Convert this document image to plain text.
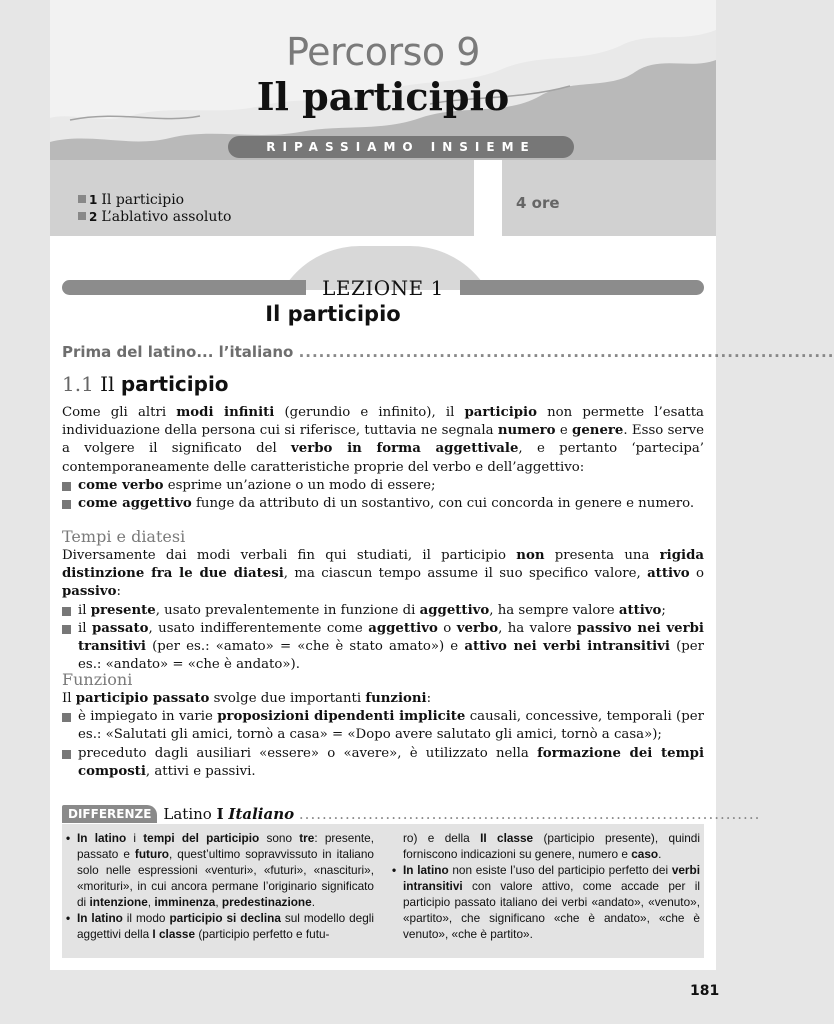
Percorso 9
Il participio
RIPASSIAMO INSIEME
1 Il participio
2 L’ablativo assoluto
4 ore
LEZIONE 1
Il participio
Prima del latino... l’italiano ................................................................................
1.1 Il participio

Come gli altri modi infiniti (gerundio e infinito), il participio non permette l’esatta individuazione della persona cui si riferisce, tuttavia ne segnala numero e genere. Esso serve a volgere il significato del verbo in forma aggettivale, e pertanto ‘partecipa’ contemporaneamente delle caratteristiche proprie del verbo e dell’aggettivo:

come verbo esprime un’azione o un modo di essere;
come aggettivo funge da attributo di un sostantivo, con cui concorda in genere e numero.
Tempi e diatesi

Diversamente dai modi verbali fin qui studiati, il participio non presenta una rigida distinzione fra le due diatesi, ma ciascun tempo assume il suo specifico valore, attivo o passivo:

il presente, usato prevalentemente in funzione di aggettivo, ha sempre valore attivo;
il passato, usato indifferentemente come aggettivo o verbo, ha valore passivo nei verbi transitivi (per es.: «amato» = «che è stato amato») e attivo nei verbi intransitivi (per es.: «andato» = «che è andato»).
Funzioni

Il participio passato svolge due importanti funzioni:

è impiegato in varie proposizioni dipendenti implicite causali, concessive, temporali (per es.: «Salutati gli amici, tornò a casa» = «Dopo avere salutato gli amici, tornò a casa»);
preceduto dagli ausiliari «essere» o «avere», è utilizzato nella formazione dei tempi composti, attivi e passivi.
DIFFERENZE Latino I Italiano ................................................................................
• In latino i tempi del participio sono tre: presente, passato e futuro, quest’ultimo sopravvissuto in italiano solo nelle espressioni «venturi», «futuri», «nascituri», «morituri», in cui ancora permane l’originario significato di intenzione, imminenza, predestinazione.
• In latino il modo participio si declina sul modello degli aggettivi della I classe (participio perfetto e futu-
ro) e della II classe (participio presente), quindi forniscono indicazioni su genere, numero e caso.
• In latino non esiste l’uso del participio perfetto dei verbi intransitivi con valore attivo, come accade per il participio passato italiano dei verbi «andato», «venuto», «partito», che significano «che è andato», «che è venuto», «che è partito».
181
